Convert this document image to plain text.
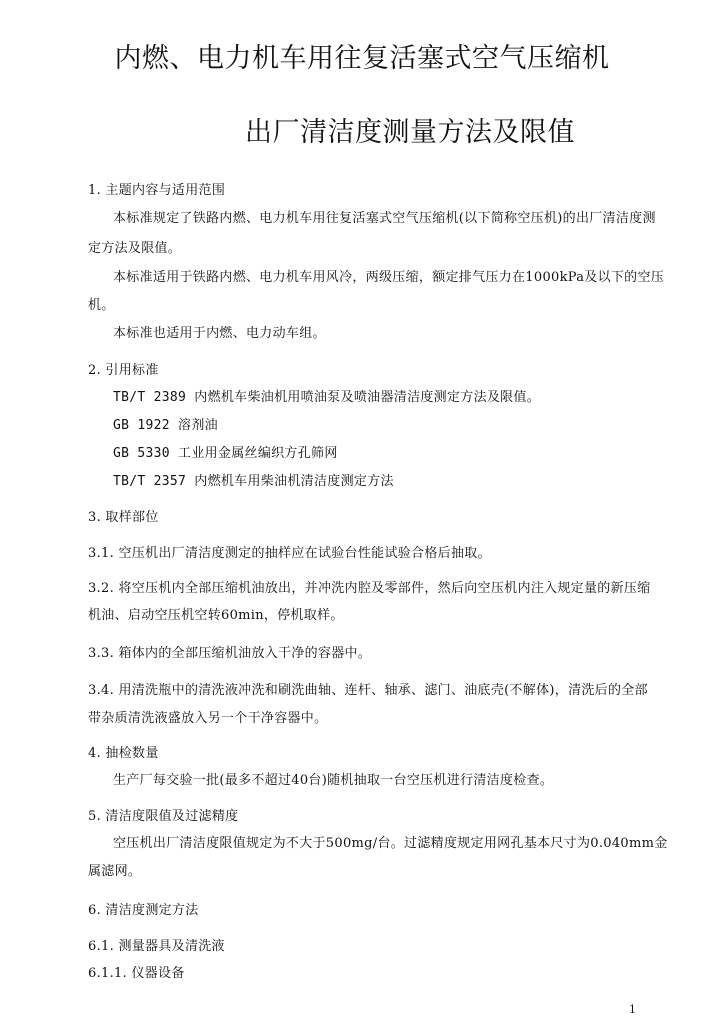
内燃、电力机车用往复活塞式空气压缩机
出厂清洁度测量方法及限值
1. 主题内容与适用范围
本标准规定了铁路内燃、电力机车用往复活塞式空气压缩机(以下简称空压机)的出厂清洁度测
定方法及限值。
本标准适用于铁路内燃、电力机车用风冷，两级压缩，额定排气压力在1000kPa及以下的空压
机。
本标准也适用于内燃、电力动车组。
2. 引用标准
TB/T 2389 内燃机车柴油机用喷油泵及喷油器清洁度测定方法及限值。
GB 1922 溶剂油
GB 5330 工业用金属丝编织方孔筛网
TB/T 2357 内燃机车用柴油机清洁度测定方法
3. 取样部位
3.1. 空压机出厂清洁度测定的抽样应在试验台性能试验合格后抽取。
3.2. 将空压机内全部压缩机油放出，并冲洗内腔及零部件，然后向空压机内注入规定量的新压缩
机油、启动空压机空转60min，停机取样。
3.3. 箱体内的全部压缩机油放入干净的容器中。
3.4. 用清洗瓶中的清洗液冲洗和刷洗曲轴、连杆、轴承、滤门、油底壳(不解体)，清洗后的全部
带杂质清洗液盛放入另一个干净容器中。
4. 抽检数量
生产厂每交验一批(最多不超过40台)随机抽取一台空压机进行清洁度检查。
5. 清洁度限值及过滤精度
空压机出厂清洁度限值规定为不大于500mg/台。过滤精度规定用网孔基本尺寸为0.040mm金
属滤网。
6. 清洁度测定方法
6.1. 测量器具及清洗液
6.1.1. 仪器设备
1
